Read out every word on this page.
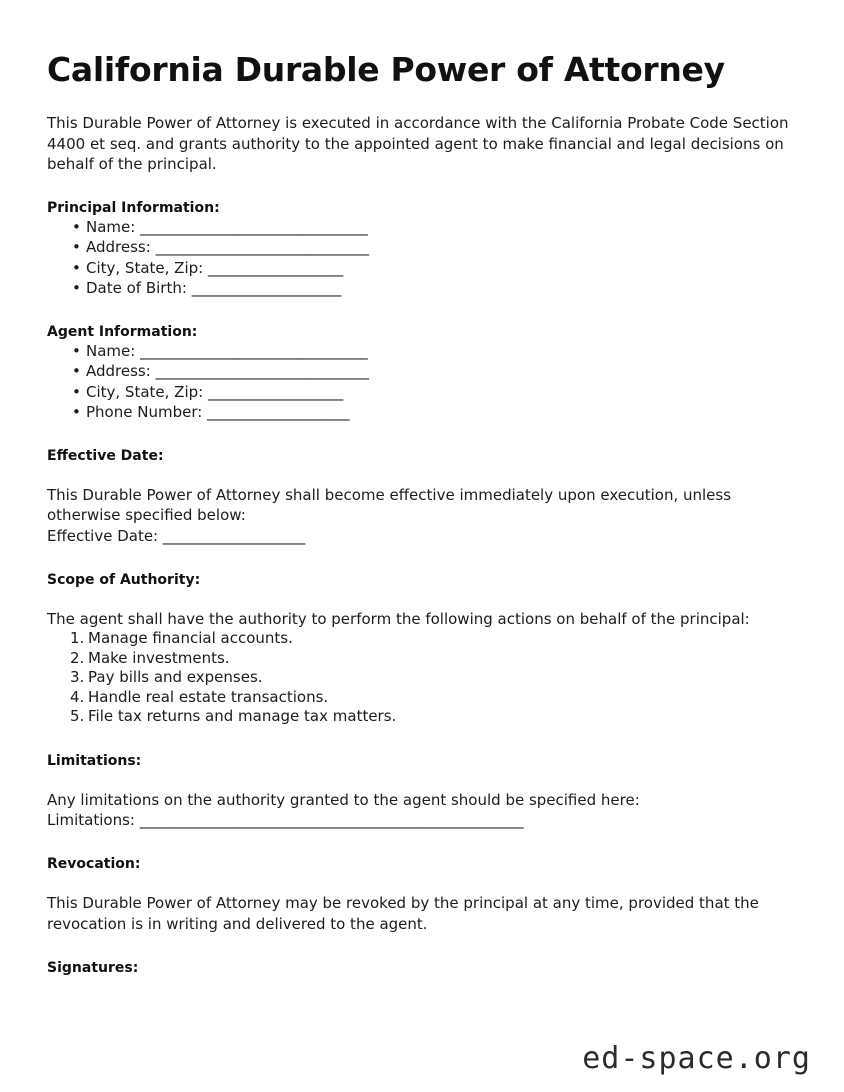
California Durable Power of Attorney

This Durable Power of Attorney is executed in accordance with the California Probate Code Section 4400 et seq. and grants authority to the appointed agent to make financial and legal decisions on behalf of the principal.

Principal Information:
• Name: ________________________________
• Address: ______________________________
• City, State, Zip: ___________________
• Date of Birth: _____________________
Agent Information:
• Name: ________________________________
• Address: ______________________________
• City, State, Zip: ___________________
• Phone Number: ____________________
Effective Date:

This Durable Power of Attorney shall become effective immediately upon execution, unless otherwise specified below:

Effective Date: ____________________

Scope of Authority:

The agent shall have the authority to perform the following actions on behalf of the principal:

Manage financial accounts.
Make investments.
Pay bills and expenses.
Handle real estate transactions.
File tax returns and manage tax matters.
Limitations:

Any limitations on the authority granted to the agent should be specified here:

Limitations: ______________________________________________________

Revocation:

This Durable Power of Attorney may be revoked by the principal at any time, provided that the revocation is in writing and delivered to the agent.

Signatures:
ed-space.org
